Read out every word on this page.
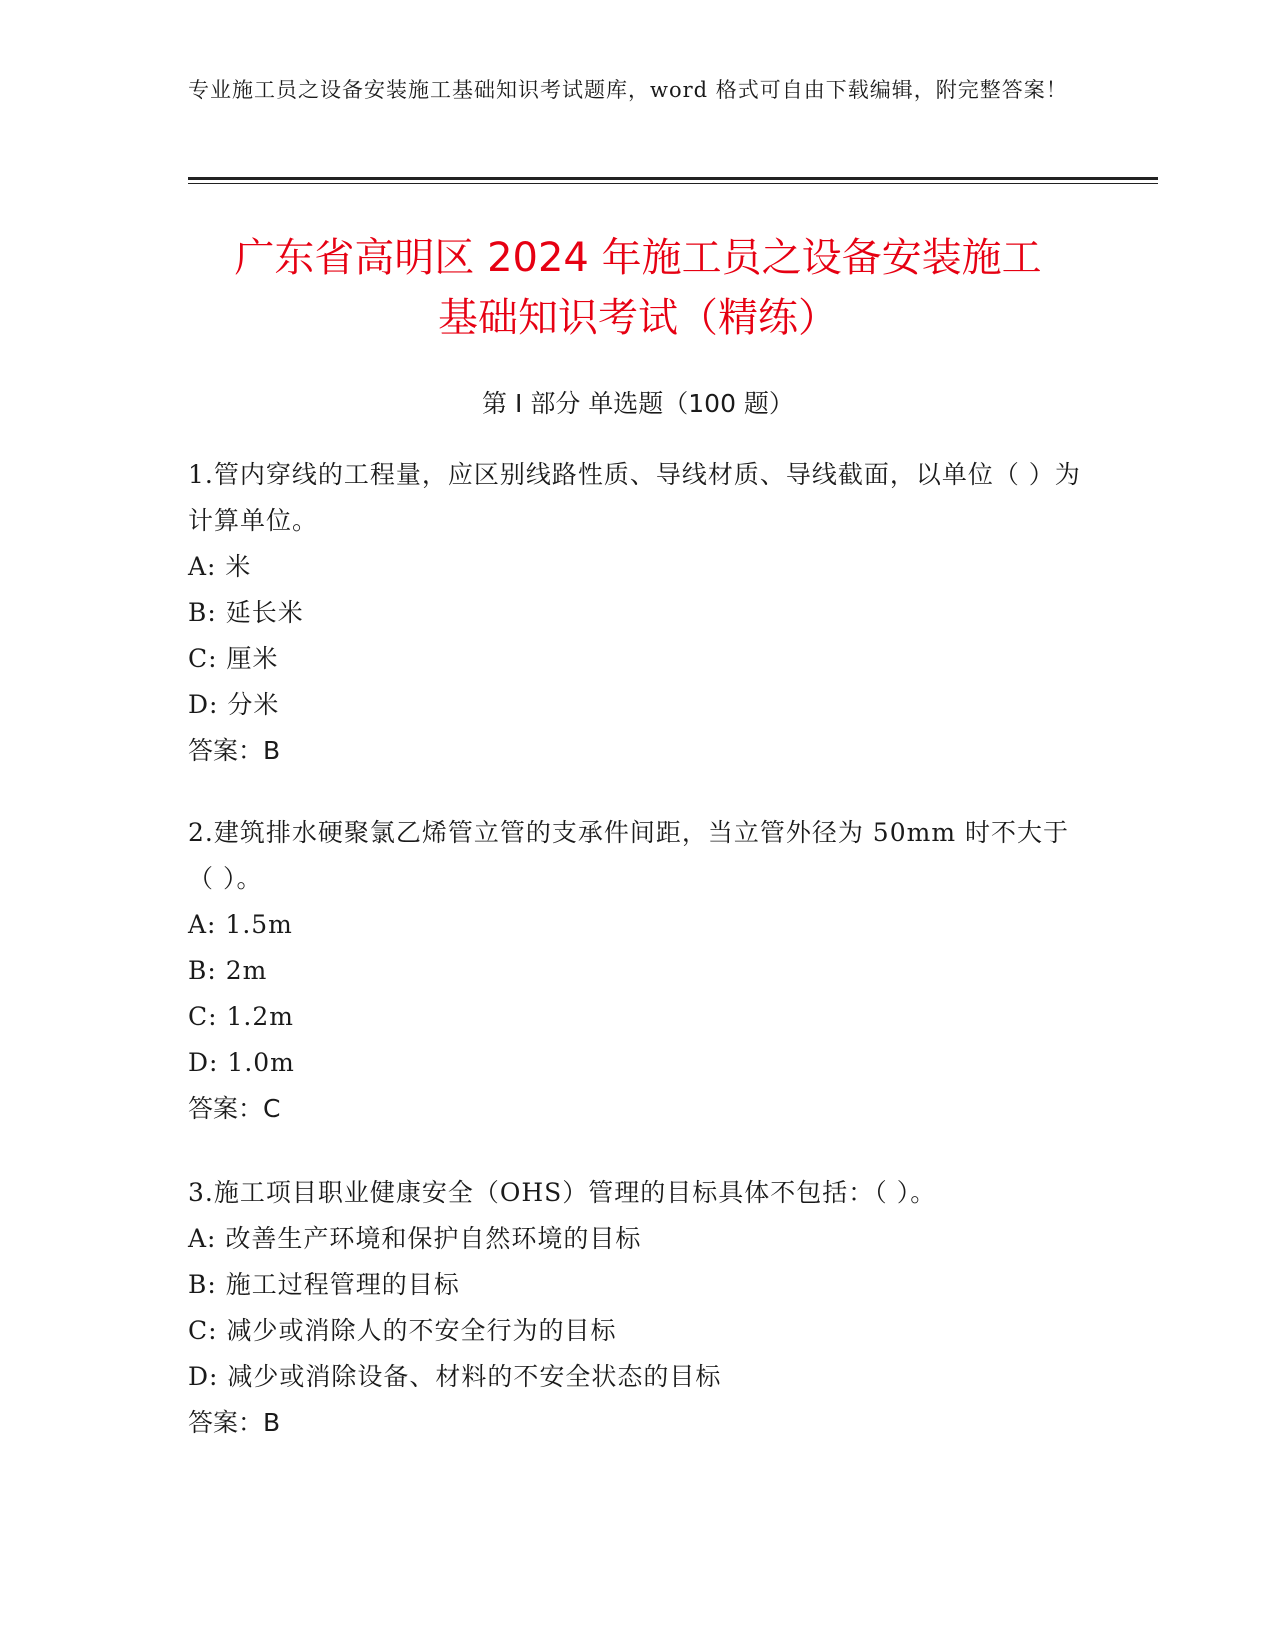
专业施工员之设备安装施工基础知识考试题库，word 格式可自由下载编辑，附完整答案！
广东省高明区 2024 年施工员之设备安装施工
基础知识考试（精练）
第 I 部分 单选题（100 题）
1.管内穿线的工程量，应区别线路性质、导线材质、导线截面，以单位（ ）为计算单位。
A: 米
B: 延长米
C: 厘米
D: 分米
答案：B
2.建筑排水硬聚氯乙烯管立管的支承件间距，当立管外径为 50mm 时不大于（ ）。
A: 1.5m
B: 2m
C: 1.2m
D: 1.0m
答案：C
3.施工项目职业健康安全（OHS）管理的目标具体不包括：（ ）。
A: 改善生产环境和保护自然环境的目标
B: 施工过程管理的目标
C: 减少或消除人的不安全行为的目标
D: 减少或消除设备、材料的不安全状态的目标
答案：B
